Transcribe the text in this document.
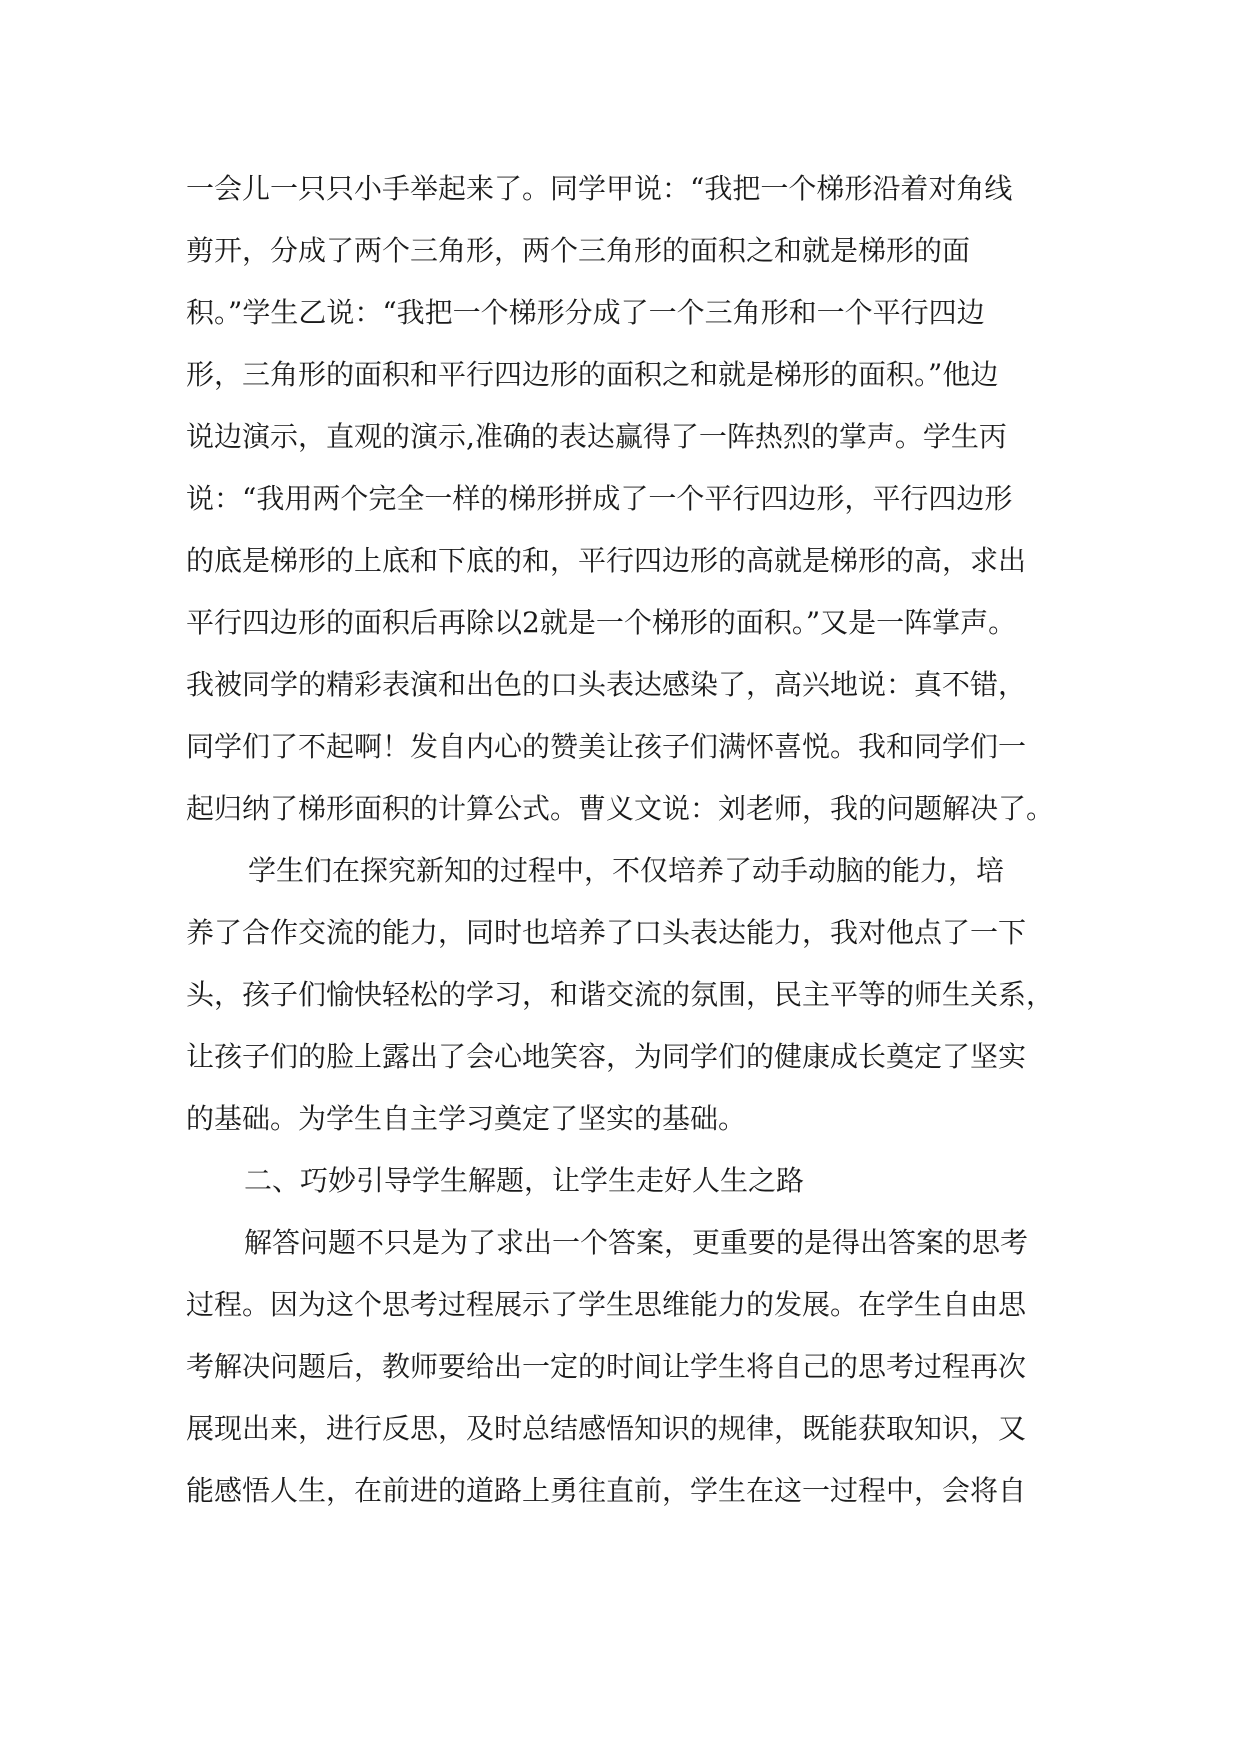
一会儿一只只小手举起来了。同学甲说：“我把一个梯形沿着对角线
剪开，分成了两个三角形，两个三角形的面积之和就是梯形的面
积。”学生乙说：“我把一个梯形分成了一个三角形和一个平行四边
形，三角形的面积和平行四边形的面积之和就是梯形的面积。”他边
说边演示，直观的演示,准确的表达赢得了一阵热烈的掌声。学生丙
说：“我用两个完全一样的梯形拼成了一个平行四边形，平行四边形
的底是梯形的上底和下底的和，平行四边形的高就是梯形的高，求出
平行四边形的面积后再除以2就是一个梯形的面积。”又是一阵掌声。
我被同学的精彩表演和出色的口头表达感染了，高兴地说：真不错，
同学们了不起啊！发自内心的赞美让孩子们满怀喜悦。我和同学们一
起归纳了梯形面积的计算公式。曹义文说：刘老师，我的问题解决了。
学生们在探究新知的过程中，不仅培养了动手动脑的能力，培
养了合作交流的能力，同时也培养了口头表达能力，我对他点了一下
头，孩子们愉快轻松的学习，和谐交流的氛围，民主平等的师生关系，
让孩子们的脸上露出了会心地笑容，为同学们的健康成长奠定了坚实
的基础。为学生自主学习奠定了坚实的基础。
二、巧妙引导学生解题，让学生走好人生之路
解答问题不只是为了求出一个答案，更重要的是得出答案的思考
过程。因为这个思考过程展示了学生思维能力的发展。在学生自由思
考解决问题后，教师要给出一定的时间让学生将自己的思考过程再次
展现出来，进行反思，及时总结感悟知识的规律，既能获取知识，又
能感悟人生，在前进的道路上勇往直前，学生在这一过程中，会将自
